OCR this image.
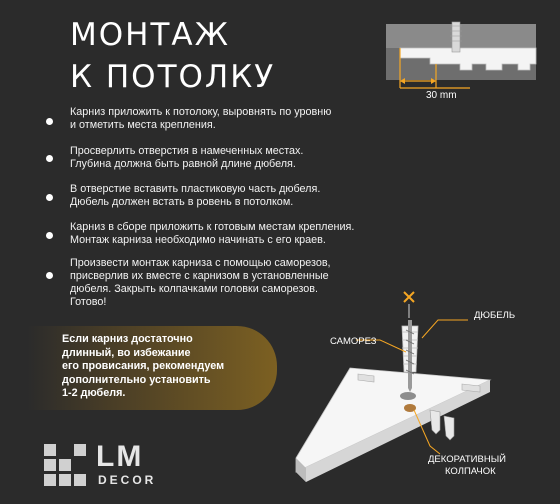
МОНТАЖ
К ПОТОЛКУ
Карниз приложить к потолоку, выровнять по уровню
и отметить места крепления.
Просверлить отверстия в намеченных местах.
Глубина должна быть равной длине дюбеля.
В отверстие вставить пластиковую часть дюбеля.
Дюбель должен встать в ровень в потолком.
Карниз в сборе приложить к готовым местам крепления.
Монтаж карниза необходимо начинать с его краев.
Произвести монтаж карниза с помощью саморезов,
присверлив их вместе с карнизом в установленные
дюбеля. Закрыть колпачками головки саморезов.
Готово!
Если карниз достаточно
длинный, во избежание
его провисания, рекомендуем
дополнительно установить
1-2 дюбеля.
30 mm
ДЮБЕЛЬ
САМОРЕЗ
ДЕКОРАТИВНЫЙ
КОЛПАЧОК
LM
DECOR
